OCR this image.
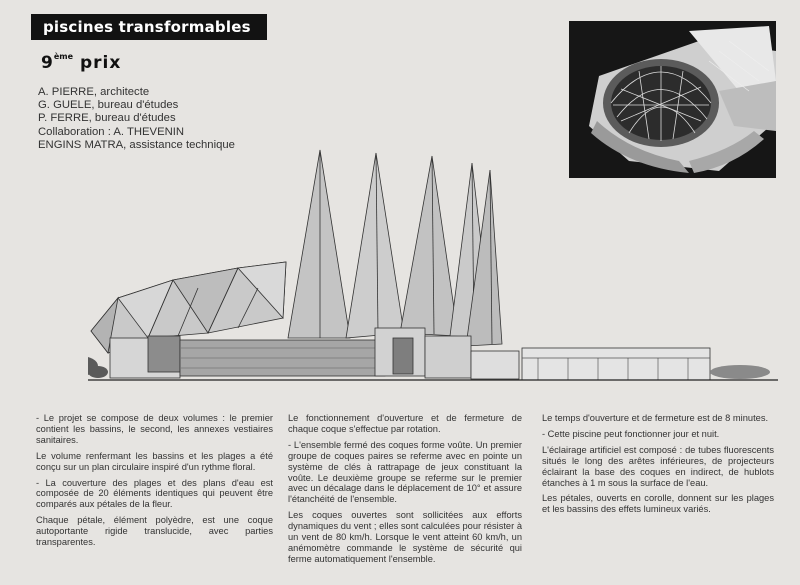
piscines transformables
9ème prix
A. PIERRE, architecte
G. GUELE, bureau d'études
P. FERRE, bureau d'études
Collaboration : A. THEVENIN
ENGINS MATRA, assistance technique

- Le projet se compose de deux volumes : le premier contient les bassins, le second, les annexes vestiaires sanitaires.

Le volume renfermant les bassins et les plages a été conçu sur un plan circulaire inspiré d'un rythme floral.

- La couverture des plages et des plans d'eau est composée de 20 éléments identiques qui peuvent être comparés aux pétales de la fleur.

Chaque pétale, élément polyèdre, est une coque autoportante rigide translucide, avec parties transparentes.

Le fonctionnement d'ouverture et de fermeture de chaque coque s'effectue par rotation.

- L'ensemble fermé des coques forme voûte. Un premier groupe de coques paires se referme avec en pointe un système de clés à rattrapage de jeux constituant la voûte. Le deuxième groupe se referme sur le premier avec un décalage dans le déplacement de 10° et assure l'étanchéité de l'ensemble.

Les coques ouvertes sont sollicitées aux efforts dynamiques du vent ; elles sont calculées pour résister à un vent de 80 km/h. Lorsque le vent atteint 60 km/h, un anémomètre commande le système de sécurité qui ferme automatiquement l'ensemble.

Le temps d'ouverture et de fermeture est de 8 minutes.

- Cette piscine peut fonctionner jour et nuit.

L'éclairage artificiel est composé : de tubes fluorescents situés le long des arêtes inférieures, de projecteurs éclairant la base des coques en indirect, de hublots étanches à 1 m sous la surface de l'eau.

Les pétales, ouverts en corolle, donnent sur les plages et les bassins des effets lumineux variés.
